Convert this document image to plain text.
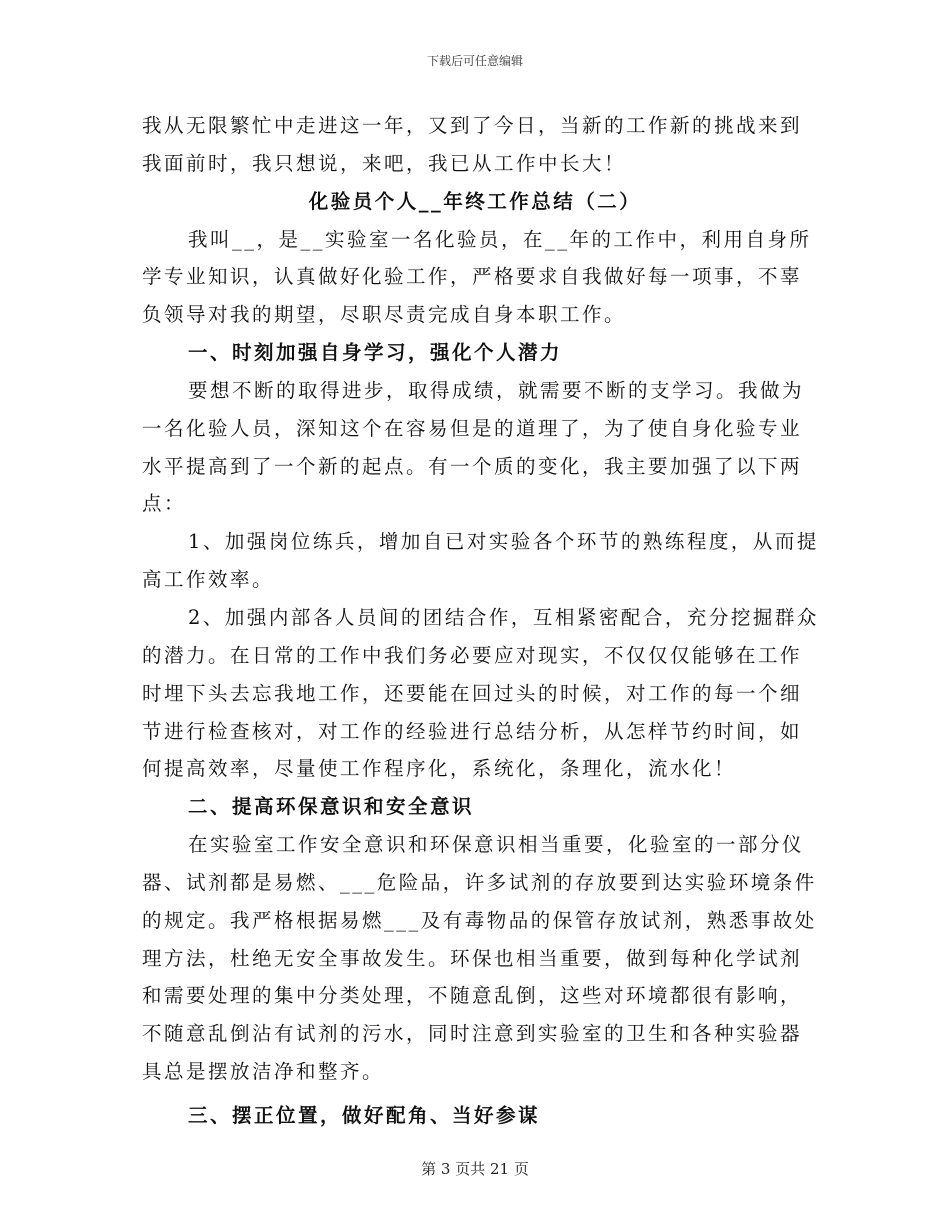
下载后可任意编辑
我从无限繁忙中走进这一年，又到了今日，当新的工作新的挑战来到
我面前时，我只想说，来吧，我已从工作中长大！
化验员个人__年终工作总结（二）
我叫__，是__实验室一名化验员，在__年的工作中，利用自身所
学专业知识，认真做好化验工作，严格要求自我做好每一项事，不辜
负领导对我的期望，尽职尽责完成自身本职工作。
一、时刻加强自身学习，强化个人潜力
要想不断的取得进步，取得成绩，就需要不断的支学习。我做为
一名化验人员，深知这个在容易但是的道理了，为了使自身化验专业
水平提高到了一个新的起点。有一个质的变化，我主要加强了以下两
点：
1、加强岗位练兵，增加自已对实验各个环节的熟练程度，从而提
高工作效率。
2、加强内部各人员间的团结合作，互相紧密配合，充分挖掘群众
的潜力。在日常的工作中我们务必要应对现实，不仅仅仅能够在工作
时埋下头去忘我地工作，还要能在回过头的时候，对工作的每一个细
节进行检查核对，对工作的经验进行总结分析，从怎样节约时间，如
何提高效率，尽量使工作程序化，系统化，条理化，流水化！
二、提高环保意识和安全意识
在实验室工作安全意识和环保意识相当重要，化验室的一部分仪
器、试剂都是易燃、___危险品，许多试剂的存放要到达实验环境条件
的规定。我严格根据易燃___及有毒物品的保管存放试剂，熟悉事故处
理方法，杜绝无安全事故发生。环保也相当重要，做到每种化学试剂
和需要处理的集中分类处理，不随意乱倒，这些对环境都很有影响，
不随意乱倒沾有试剂的污水，同时注意到实验室的卫生和各种实验器
具总是摆放洁净和整齐。
三、摆正位置，做好配角、当好参谋
第 3 页共 21 页
